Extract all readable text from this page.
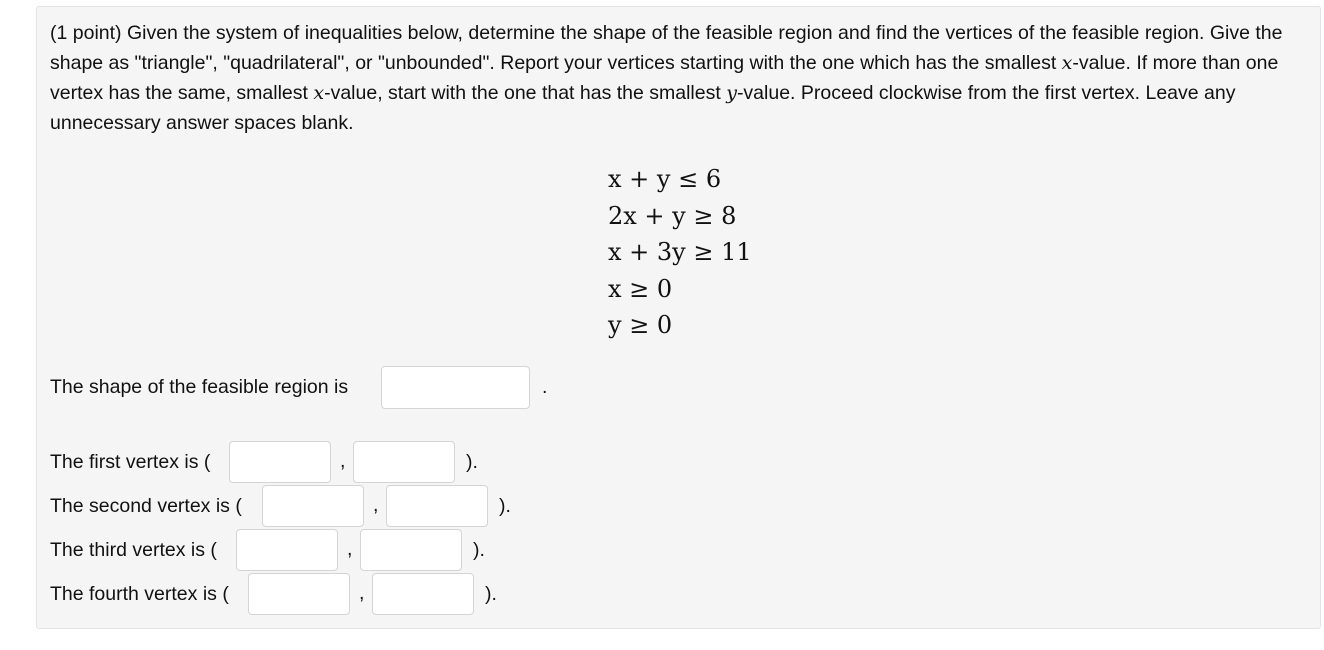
(1 point) Given the system of inequalities below, determine the shape of the feasible region and find the vertices of the feasible region. Give the shape as "triangle", "quadrilateral", or "unbounded". Report your vertices starting with the one which has the smallest x-value. If more than one vertex has the same, smallest x-value, start with the one that has the smallest y-value. Proceed clockwise from the first vertex. Leave any unnecessary answer spaces blank.

x + y ≤ 6
2x + y ≥ 8
x + 3y ≥ 11
x ≥ 0
y ≥ 0
The shape of the feasible region is	.
The first vertex is (	,	).
The second vertex is (	,	).
The third vertex is (	,	).
The fourth vertex is (	,	).
